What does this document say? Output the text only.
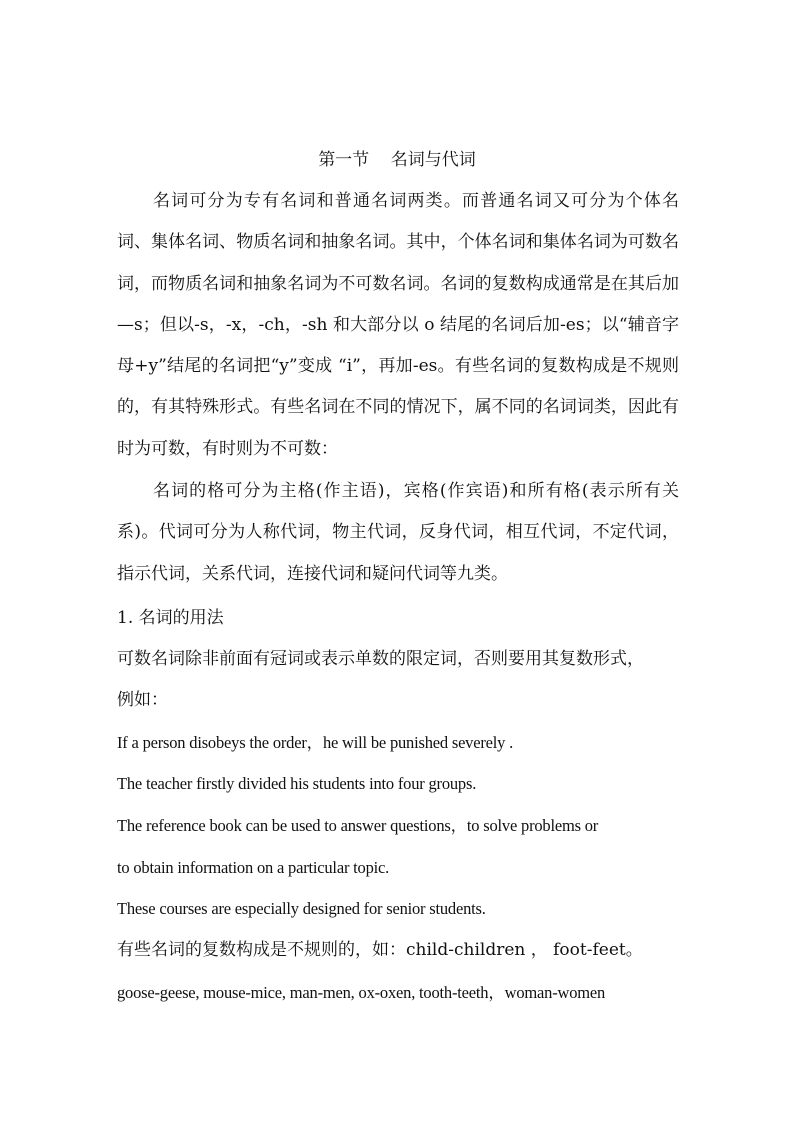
第一节    名词与代词

名词可分为专有名词和普通名词两类。而普通名词又可分为个体名词、集体名词、物质名词和抽象名词。其中，个体名词和集体名词为可数名词，而物质名词和抽象名词为不可数名词。名词的复数构成通常是在其后加—s；但以-s，-x，-ch，-sh 和大部分以 o 结尾的名词后加-es；以“辅音字母+y”结尾的名词把“y”变成 “i”，再加-es。有些名词的复数构成是不规则的，有其特殊形式。有些名词在不同的情况下，属不同的名词词类，因此有时为可数，有时则为不可数：

名词的格可分为主格(作主语)，宾格(作宾语)和所有格(表示所有关系)。代词可分为人称代词，物主代词，反身代词，相互代词，不定代词，指示代词，关系代词，连接代词和疑问代词等九类。

1. 名词的用法
可数名词除非前面有冠词或表示单数的限定词，否则要用其复数形式，
例如：
If a person disobeys the order，he will be punished severely .
The teacher firstly divided his students into four groups.
The reference book can be used to answer questions，to solve problems or
to obtain information on a particular topic.
These courses are especially designed for senior students.
有些名词的复数构成是不规则的，如：child-children ， foot-feet。
goose-geese, mouse-mice, man-men, ox-oxen, tooth-teeth，woman-women
